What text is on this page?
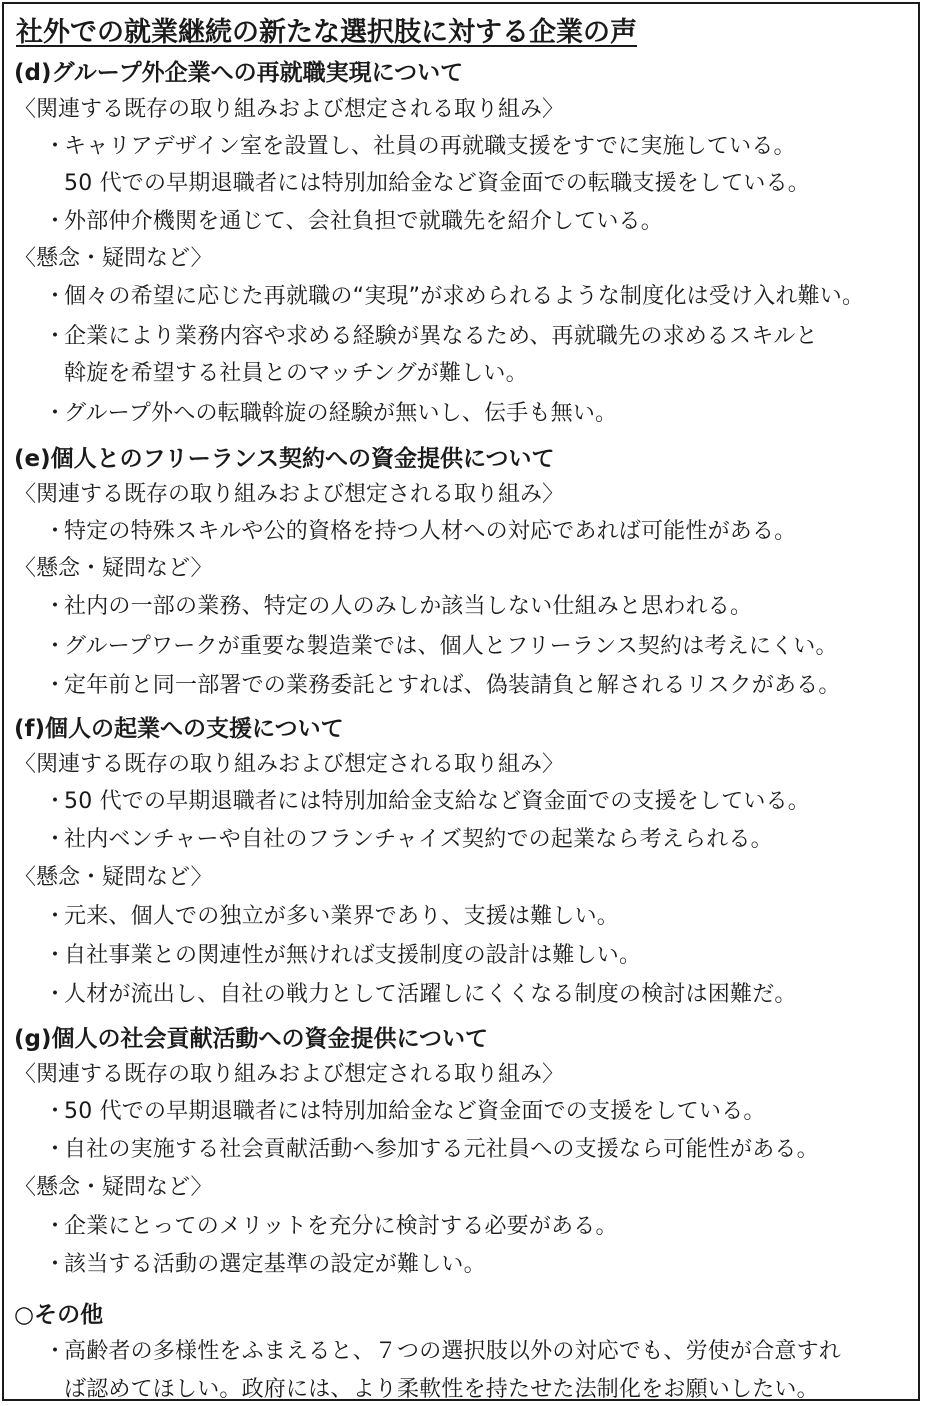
社外での就業継続の新たな選択肢に対する企業の声
(d)グループ外企業への再就職実現について
〈関連する既存の取り組みおよび想定される取り組み〉
・キャリアデザイン室を設置し、社員の再就職支援をすでに実施している。
50 代での早期退職者には特別加給金など資金面での転職支援をしている。
・外部仲介機関を通じて、会社負担で就職先を紹介している。
〈懸念・疑問など〉
・個々の希望に応じた再就職の“実現”が求められるような制度化は受け入れ難い。
・企業により業務内容や求める経験が異なるため、再就職先の求めるスキルと
斡旋を希望する社員とのマッチングが難しい。
・グループ外への転職斡旋の経験が無いし、伝手も無い。
(e)個人とのフリーランス契約への資金提供について
〈関連する既存の取り組みおよび想定される取り組み〉
・特定の特殊スキルや公的資格を持つ人材への対応であれば可能性がある。
〈懸念・疑問など〉
・社内の一部の業務、特定の人のみしか該当しない仕組みと思われる。
・グループワークが重要な製造業では、個人とフリーランス契約は考えにくい。
・定年前と同一部署での業務委託とすれば、偽装請負と解されるリスクがある。
(f)個人の起業への支援について
〈関連する既存の取り組みおよび想定される取り組み〉
・50 代での早期退職者には特別加給金支給など資金面での支援をしている。
・社内ベンチャーや自社のフランチャイズ契約での起業なら考えられる。
〈懸念・疑問など〉
・元来、個人での独立が多い業界であり、支援は難しい。
・自社事業との関連性が無ければ支援制度の設計は難しい。
・人材が流出し、自社の戦力として活躍しにくくなる制度の検討は困難だ。
(g)個人の社会貢献活動への資金提供について
〈関連する既存の取り組みおよび想定される取り組み〉
・50 代での早期退職者には特別加給金など資金面での支援をしている。
・自社の実施する社会貢献活動へ参加する元社員への支援なら可能性がある。
〈懸念・疑問など〉
・企業にとってのメリットを充分に検討する必要がある。
・該当する活動の選定基準の設定が難しい。
○その他
・高齢者の多様性をふまえると、７つの選択肢以外の対応でも、労使が合意すれ
ば認めてほしい。政府には、より柔軟性を持たせた法制化をお願いしたい。
